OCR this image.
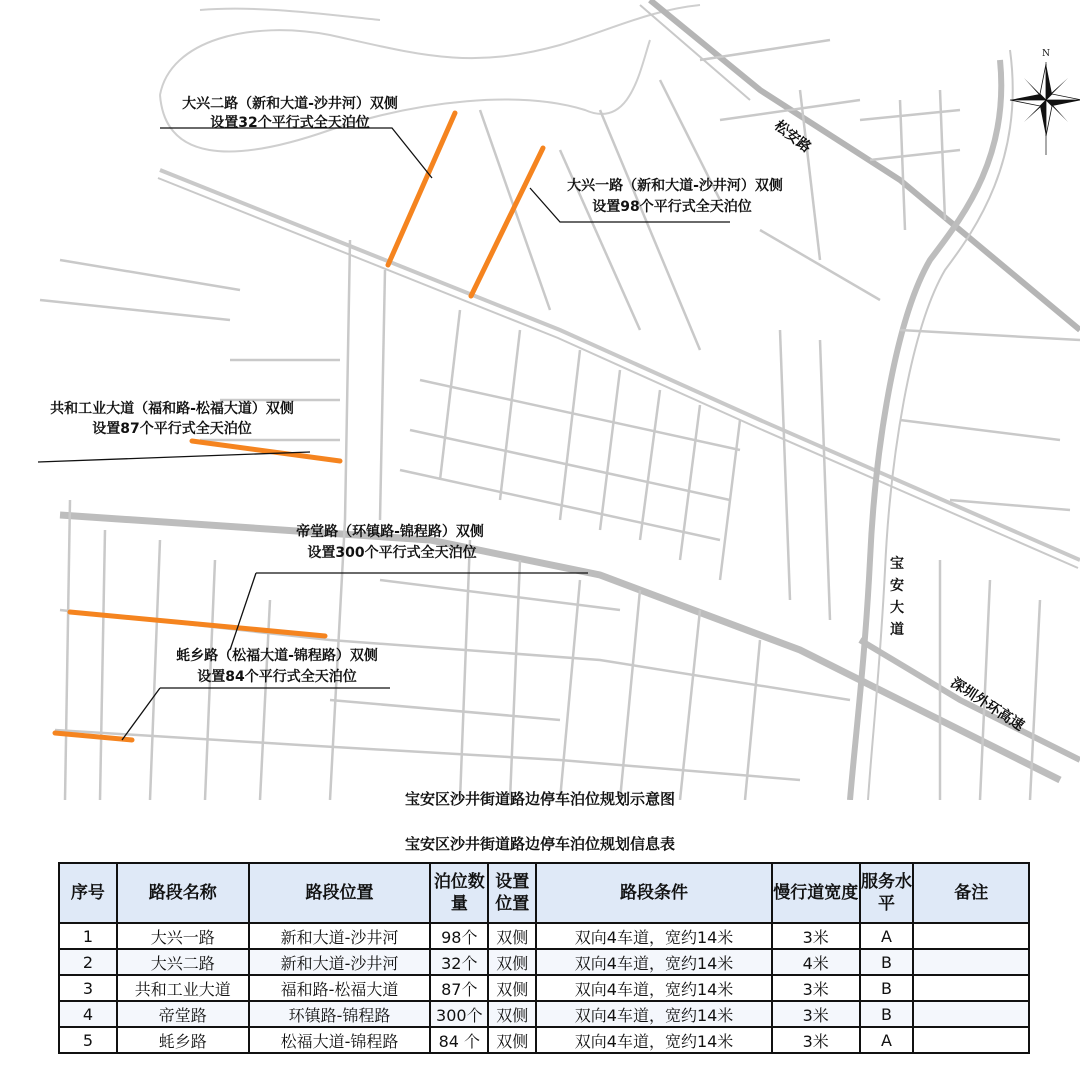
大兴二路（新和大道-沙井河）双侧
设置32个平行式全天泊位
大兴一路（新和大道-沙井河）双侧
设置98个平行式全天泊位
共和工业大道（福和路-松福大道）双侧
设置87个平行式全天泊位
帝堂路（环镇路-锦程路）双侧
设置300个平行式全天泊位
蚝乡路（松福大道-锦程路）双侧
设置84个平行式全天泊位
松安路
宝
安
大
道
深圳外环高速
N
宝安区沙井街道路边停车泊位规划示意图
宝安区沙井街道路边停车泊位规划信息表
序号	路段名称	路段位置	泊位数量	设置位置	路段条件	慢行道宽度	服务水平	备注
1	大兴一路	新和大道-沙井河	98个	双侧	双向4车道，宽约14米	3米	A	
2	大兴二路	新和大道-沙井河	32个	双侧	双向4车道，宽约14米	4米	B	
3	共和工业大道	福和路-松福大道	87个	双侧	双向4车道，宽约14米	3米	B	
4	帝堂路	环镇路-锦程路	300个	双侧	双向4车道，宽约14米	3米	B	
5	蚝乡路	松福大道-锦程路	84 个	双侧	双向4车道，宽约14米	3米	A	
